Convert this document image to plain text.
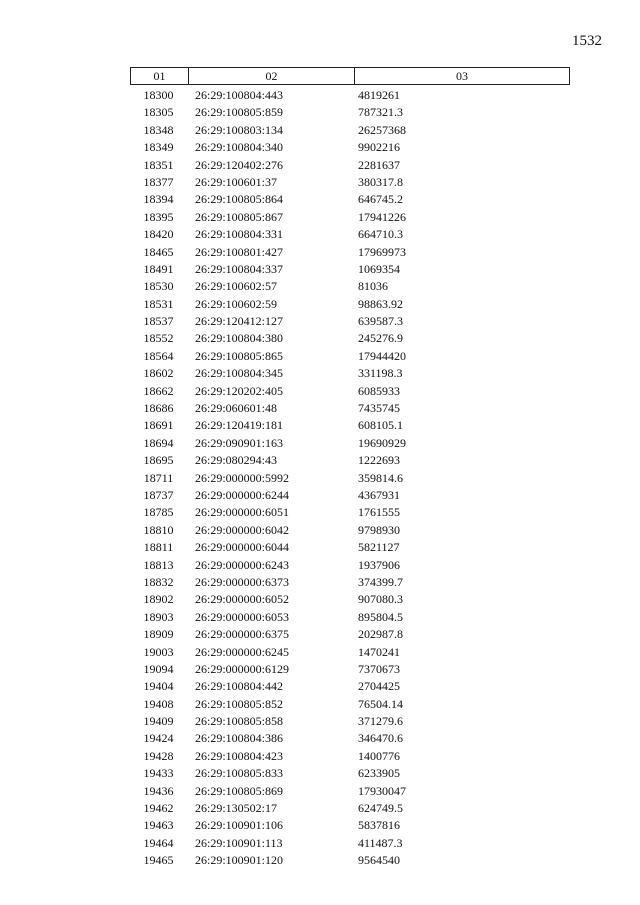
1532
01	02	03
18300	26:29:100804:443	4819261
18305	26:29:100805:859	787321.3
18348	26:29:100803:134	26257368
18349	26:29:100804:340	9902216
18351	26:29:120402:276	2281637
18377	26:29:100601:37	380317.8
18394	26:29:100805:864	646745.2
18395	26:29:100805:867	17941226
18420	26:29:100804:331	664710.3
18465	26:29:100801:427	17969973
18491	26:29:100804:337	1069354
18530	26:29:100602:57	81036
18531	26:29:100602:59	98863.92
18537	26:29:120412:127	639587.3
18552	26:29:100804:380	245276.9
18564	26:29:100805:865	17944420
18602	26:29:100804:345	331198.3
18662	26:29:120202:405	6085933
18686	26:29:060601:48	7435745
18691	26:29:120419:181	608105.1
18694	26:29:090901:163	19690929
18695	26:29:080294:43	1222693
18711	26:29:000000:5992	359814.6
18737	26:29:000000:6244	4367931
18785	26:29:000000:6051	1761555
18810	26:29:000000:6042	9798930
18811	26:29:000000:6044	5821127
18813	26:29:000000:6243	1937906
18832	26:29:000000:6373	374399.7
18902	26:29:000000:6052	907080.3
18903	26:29:000000:6053	895804.5
18909	26:29:000000:6375	202987.8
19003	26:29:000000:6245	1470241
19094	26:29:000000:6129	7370673
19404	26:29:100804:442	2704425
19408	26:29:100805:852	76504.14
19409	26:29:100805:858	371279.6
19424	26:29:100804:386	346470.6
19428	26:29:100804:423	1400776
19433	26:29:100805:833	6233905
19436	26:29:100805:869	17930047
19462	26:29:130502:17	624749.5
19463	26:29:100901:106	5837816
19464	26:29:100901:113	411487.3
19465	26:29:100901:120	9564540
